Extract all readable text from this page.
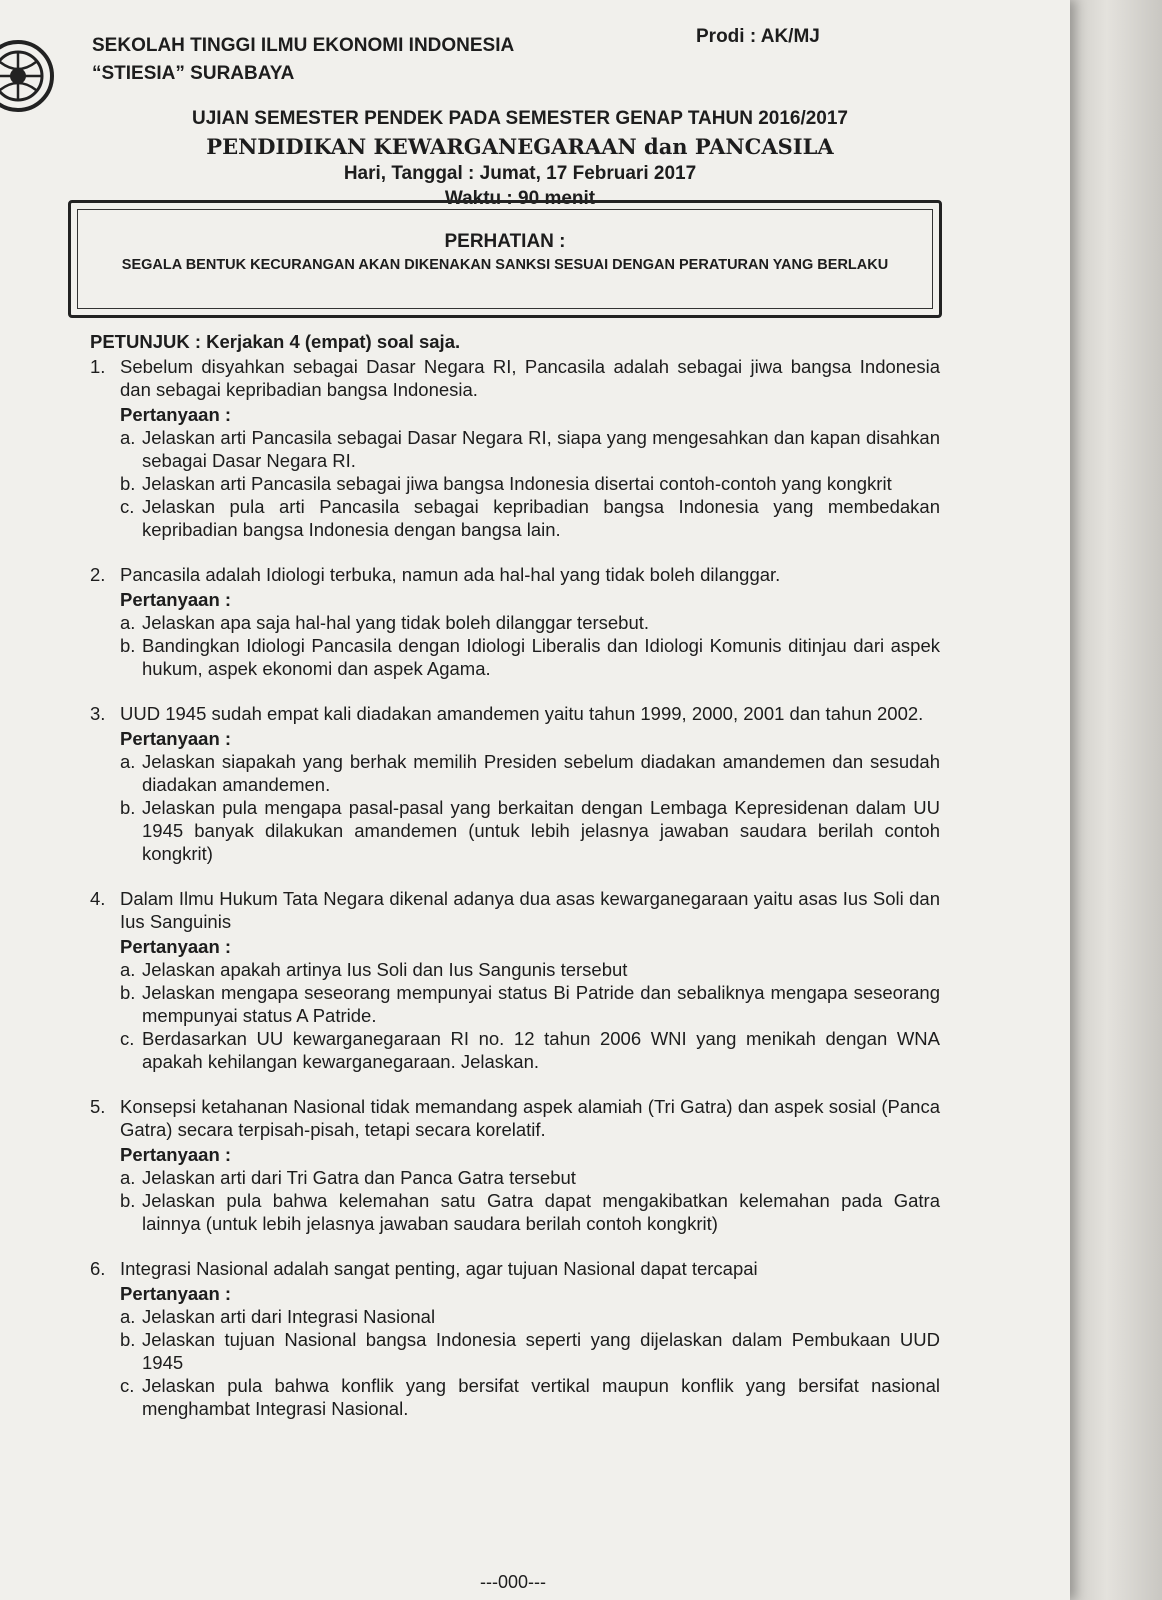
SEKOLAH TINGGI ILMU EKONOMI INDONESIA
“STIESIA” SURABAYA
Prodi : AK/MJ
UJIAN SEMESTER PENDEK PADA SEMESTER GENAP TAHUN 2016/2017
PENDIDIKAN KEWARGANEGARAAN dan PANCASILA
Hari, Tanggal : Jumat, 17 Februari 2017
Waktu : 90 menit
PERHATIAN :
SEGALA BENTUK KECURANGAN AKAN DIKENAKAN SANKSI SESUAI DENGAN PERATURAN YANG BERLAKU
PETUNJUK : Kerjakan 4 (empat) soal saja.
1. Sebelum disyahkan sebagai Dasar Negara RI, Pancasila adalah sebagai jiwa bangsa Indonesia dan sebagai kepribadian bangsa Indonesia.
Pertanyaan :
a. Jelaskan arti Pancasila sebagai Dasar Negara RI, siapa yang mengesahkan dan kapan disahkan sebagai Dasar Negara RI.
b. Jelaskan arti Pancasila sebagai jiwa bangsa Indonesia disertai contoh-contoh yang kongkrit
c. Jelaskan pula arti Pancasila sebagai kepribadian bangsa Indonesia yang membedakan kepribadian bangsa Indonesia dengan bangsa lain.
2. Pancasila adalah Idiologi terbuka, namun ada hal-hal yang tidak boleh dilanggar.
Pertanyaan :
a. Jelaskan apa saja hal-hal yang tidak boleh dilanggar tersebut.
b. Bandingkan Idiologi Pancasila dengan Idiologi Liberalis dan Idiologi Komunis ditinjau dari aspek hukum, aspek ekonomi dan aspek Agama.
3. UUD 1945 sudah empat kali diadakan amandemen yaitu tahun 1999, 2000, 2001 dan tahun 2002.
Pertanyaan :
a. Jelaskan siapakah yang berhak memilih Presiden sebelum diadakan amandemen dan sesudah diadakan amandemen.
b. Jelaskan pula mengapa pasal-pasal yang berkaitan dengan Lembaga Kepresidenan dalam UU 1945 banyak dilakukan amandemen (untuk lebih jelasnya jawaban saudara berilah contoh kongkrit)
4. Dalam Ilmu Hukum Tata Negara dikenal adanya dua asas kewarganegaraan yaitu asas Ius Soli dan Ius Sanguinis
Pertanyaan :
a. Jelaskan apakah artinya Ius Soli dan Ius Sangunis tersebut
b. Jelaskan mengapa seseorang mempunyai status Bi Patride dan sebaliknya mengapa seseorang mempunyai status A Patride.
c. Berdasarkan UU kewarganegaraan RI no. 12 tahun 2006 WNI yang menikah dengan WNA apakah kehilangan kewarganegaraan. Jelaskan.
5. Konsepsi ketahanan Nasional tidak memandang aspek alamiah (Tri Gatra) dan aspek sosial (Panca Gatra) secara terpisah-pisah, tetapi secara korelatif.
Pertanyaan :
a. Jelaskan arti dari Tri Gatra dan Panca Gatra tersebut
b. Jelaskan pula bahwa kelemahan satu Gatra dapat mengakibatkan kelemahan pada Gatra lainnya (untuk lebih jelasnya jawaban saudara berilah contoh kongkrit)
6. Integrasi Nasional adalah sangat penting, agar tujuan Nasional dapat tercapai
Pertanyaan :
a. Jelaskan arti dari Integrasi Nasional
b. Jelaskan tujuan Nasional bangsa Indonesia seperti yang dijelaskan dalam Pembukaan UUD 1945
c. Jelaskan pula bahwa konflik yang bersifat vertikal maupun konflik yang bersifat nasional menghambat Integrasi Nasional.
---000---
